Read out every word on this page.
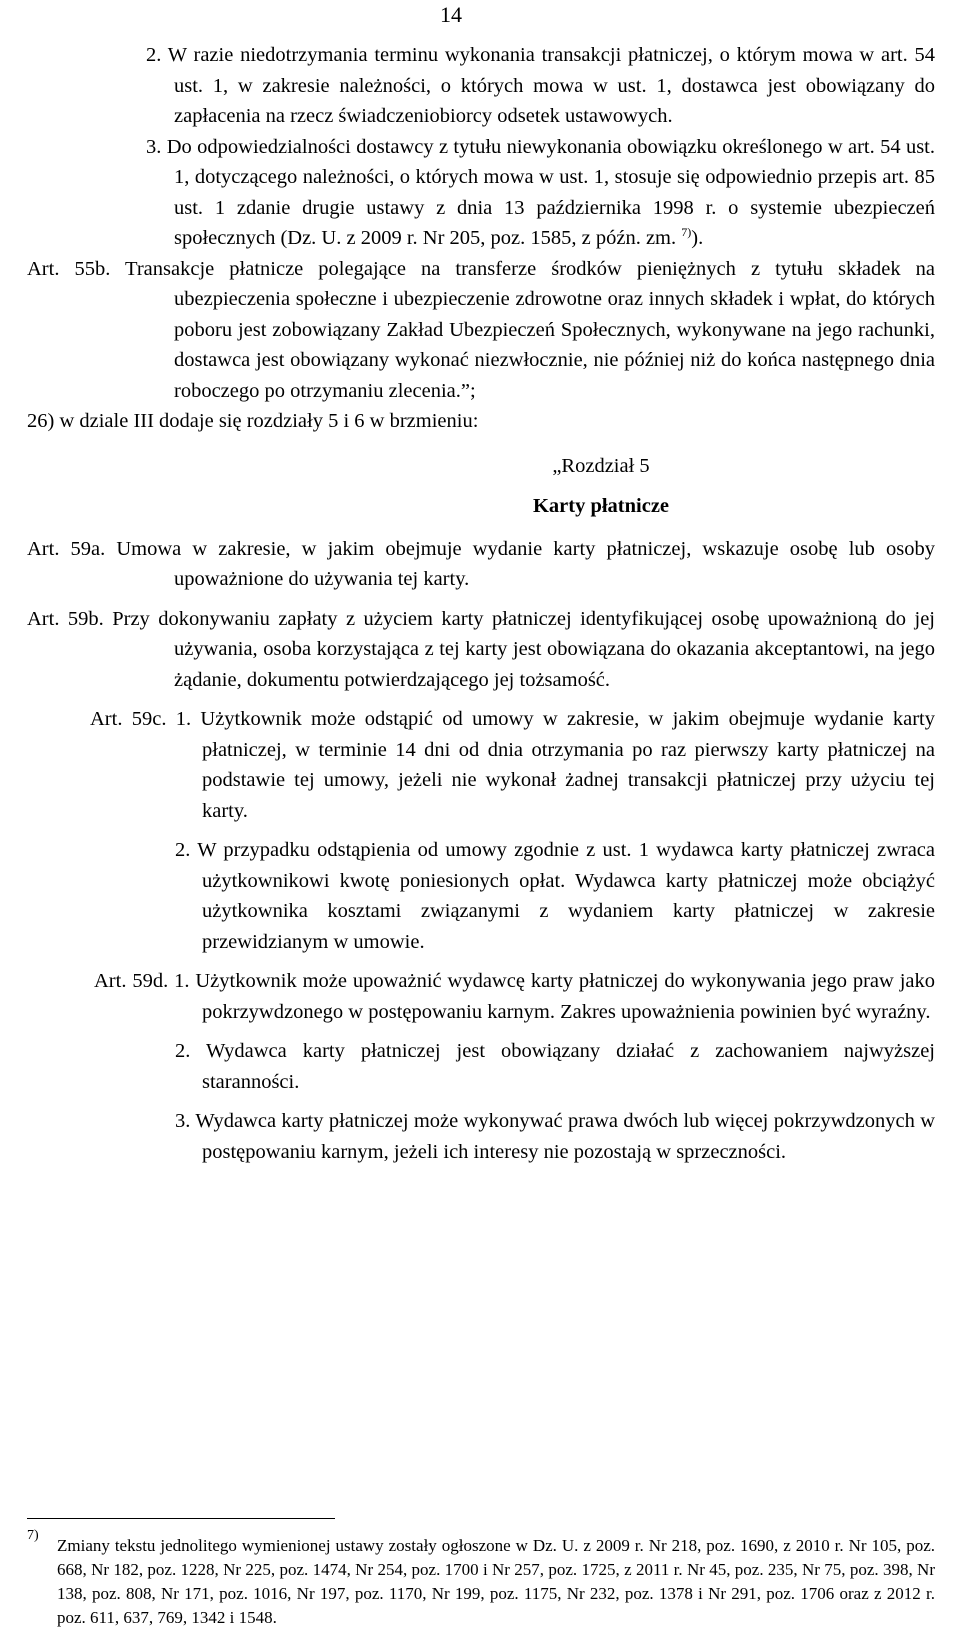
14

2. W razie niedotrzymania terminu wykonania transakcji płatniczej, o którym mowa w art. 54 ust. 1, w zakresie należności, o których mowa w ust. 1, dostawca jest obowiązany do zapłacenia na rzecz świadczeniobiorcy odsetek ustawowych.

3. Do odpowiedzialności dostawcy z tytułu niewykonania obowiązku określonego w art. 54 ust. 1, dotyczącego należności, o których mowa w ust. 1, stosuje się odpowiednio przepis art. 85 ust. 1 zdanie drugie ustawy z dnia 13 października 1998 r. o systemie ubezpieczeń społecznych (Dz. U. z 2009 r. Nr 205, poz. 1585, z późn. zm. $^{7)}$).

Art. 55b. Transakcje płatnicze polegające na transferze środków pieniężnych z tytułu składek na ubezpieczenia społeczne i ubezpieczenie zdrowotne oraz innych składek i wpłat, do których poboru jest zobowiązany Zakład Ubezpieczeń Społecznych, wykonywane na jego rachunki, dostawca jest obowiązany wykonać niezwłocznie, nie później niż do końca następnego dnia roboczego po otrzymaniu zlecenia.”;

26) w dziale III dodaje się rozdziały 5 i 6 w brzmieniu:

„Rozdział 5

Karty płatnicze

Art. 59a. Umowa w zakresie, w jakim obejmuje wydanie karty płatniczej, wskazuje osobę lub osoby upoważnione do używania tej karty.

Art. 59b. Przy dokonywaniu zapłaty z użyciem karty płatniczej identyfikującej osobę upoważnioną do jej używania, osoba korzystająca z tej karty jest obowiązana do okazania akceptantowi, na jego żądanie, dokumentu potwierdzającego jej tożsamość.

Art. 59c. 1. Użytkownik może odstąpić od umowy w zakresie, w jakim obejmuje wydanie karty płatniczej, w terminie 14 dni od dnia otrzymania po raz pierwszy karty płatniczej na podstawie tej umowy, jeżeli nie wykonał żadnej transakcji płatniczej przy użyciu tej karty.

2. W przypadku odstąpienia od umowy zgodnie z ust. 1 wydawca karty płatniczej zwraca użytkownikowi kwotę poniesionych opłat. Wydawca karty płatniczej może obciążyć użytkownika kosztami związanymi z wydaniem karty płatniczej w zakresie przewidzianym w umowie.

Art. 59d. 1. Użytkownik może upoważnić wydawcę karty płatniczej do wykonywania jego praw jako pokrzywdzonego w postępowaniu karnym. Zakres upoważnienia powinien być wyraźny.

2. Wydawca karty płatniczej jest obowiązany działać z zachowaniem najwyższej staranności.

3. Wydawca karty płatniczej może wykonywać prawa dwóch lub więcej pokrzywdzonych w postępowaniu karnym, jeżeli ich interesy nie pozostają w sprzeczności.

7)
Zmiany tekstu jednolitego wymienionej ustawy zostały ogłoszone w Dz. U. z 2009 r. Nr 218, poz. 1690, z 2010 r. Nr 105, poz. 668, Nr 182, poz. 1228, Nr 225, poz. 1474, Nr 254, poz. 1700 i Nr 257, poz. 1725, z 2011 r. Nr 45, poz. 235, Nr 75, poz. 398, Nr 138, poz. 808, Nr 171, poz. 1016, Nr 197, poz. 1170, Nr 199, poz. 1175, Nr 232, poz. 1378 i Nr 291, poz. 1706 oraz z 2012 r. poz. 611, 637, 769, 1342 i 1548.
